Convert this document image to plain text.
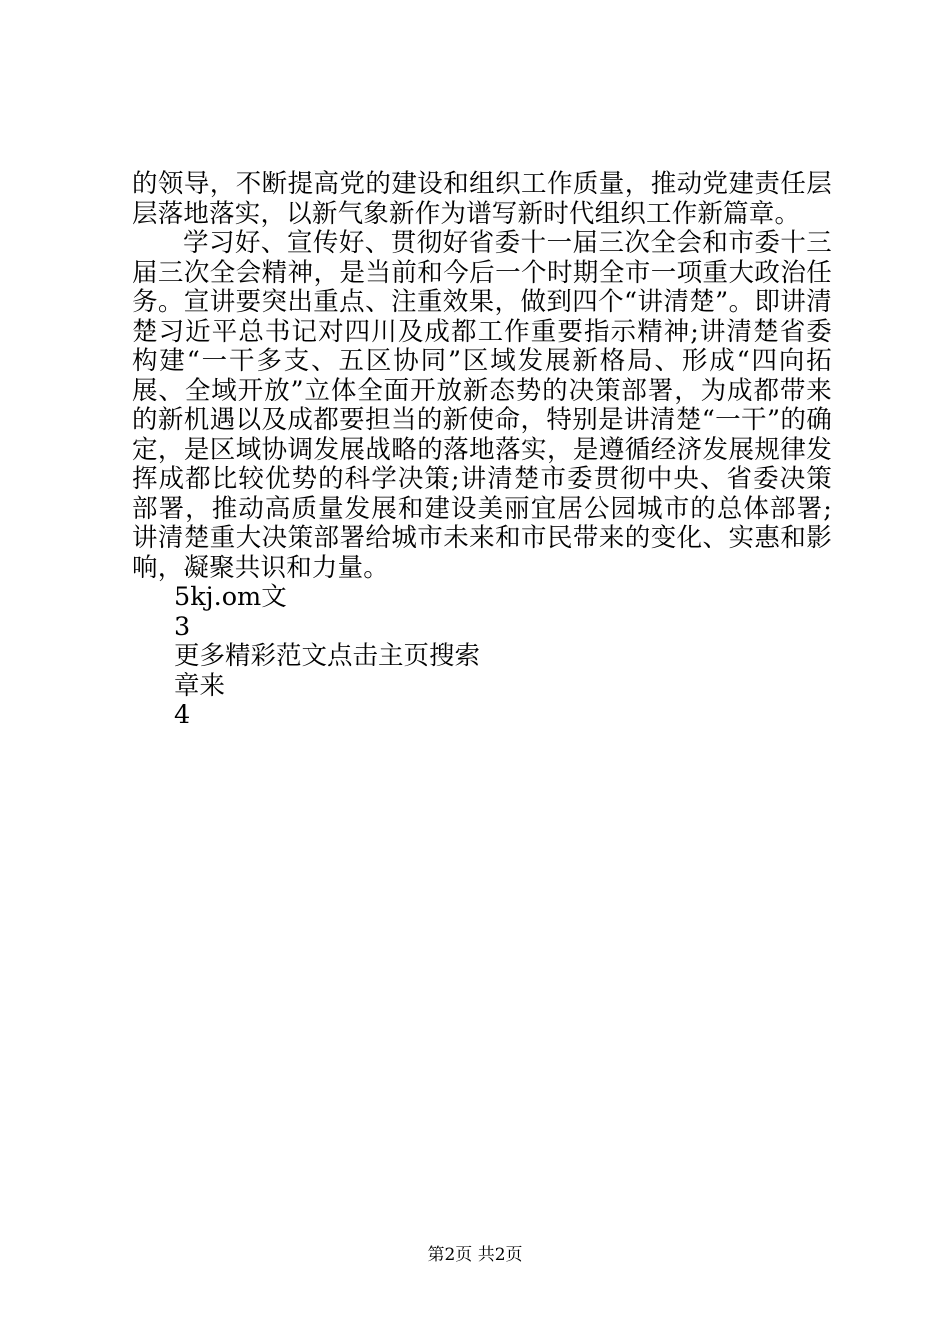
的领导，不断提高党的建设和组织工作质量，推动党建责任层层落地落实，以新气象新作为谱写新时代组织工作新篇章。

学习好、宣传好、贯彻好省委十一届三次全会和市委十三届三次全会精神，是当前和今后一个时期全市一项重大政治任务。宣讲要突出重点、注重效果，做到四个“讲清楚”。即讲清楚习近平总书记对四川及成都工作重要指示精神;讲清楚省委构建“一干多支、五区协同”区域发展新格局、形成“四向拓展、全域开放”立体全面开放新态势的决策部署，为成都带来的新机遇以及成都要担当的新使命，特别是讲清楚“一干”的确定，是区域协调发展战略的落地落实，是遵循经济发展规律发挥成都比较优势的科学决策;讲清楚市委贯彻中央、省委决策部署，推动高质量发展和建设美丽宜居公园城市的总体部署;讲清楚重大决策部署给城市未来和市民带来的变化、实惠和影响，凝聚共识和力量。

5kj.om文
3
更多精彩范文点击主页搜索
章来
4
第2页 共2页
